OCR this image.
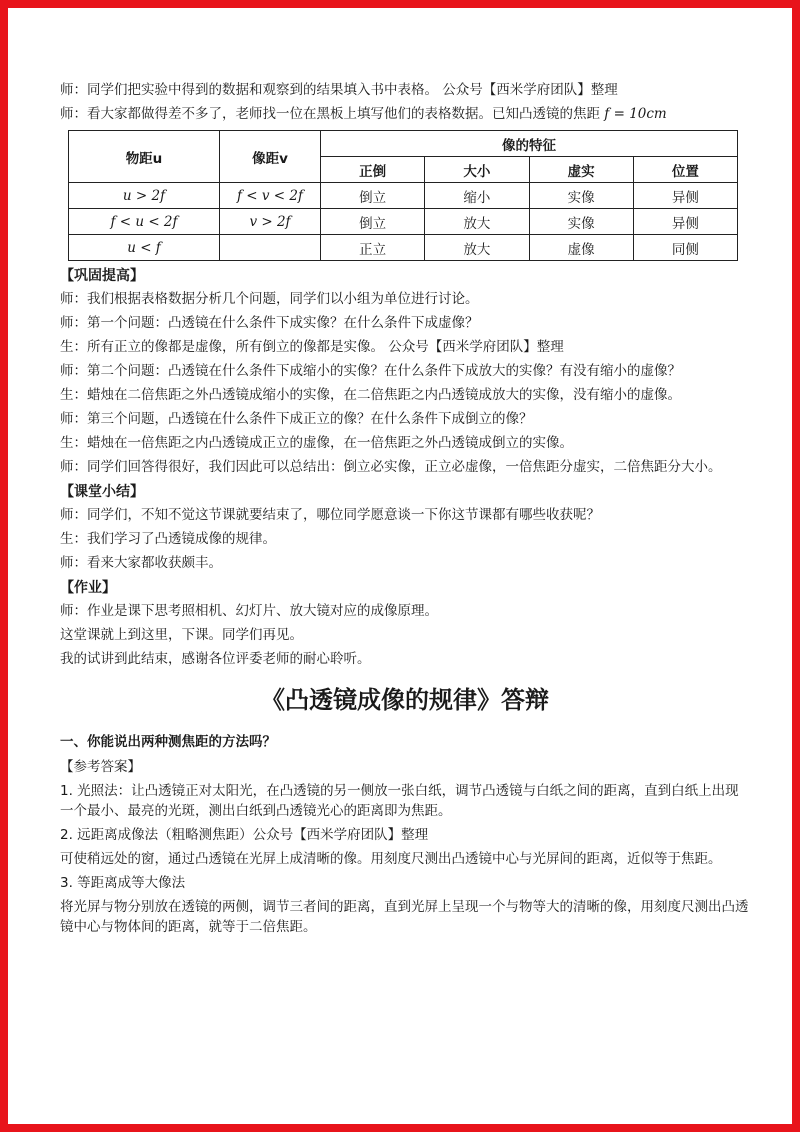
师：同学们把实验中得到的数据和观察到的结果填入书中表格。 公众号【西米学府团队】整理
师：看大家都做得差不多了，老师找一位在黑板上填写他们的表格数据。已知凸透镜的焦距 f = 10cm
物距u	像距v	像的特征			
		正倒	大小	虚实	位置
u > 2f	f < v < 2f	倒立	缩小	实像	异侧
f < u < 2f	v > 2f	倒立	放大	实像	异侧
u < f		正立	放大	虚像	同侧
【巩固提高】
师：我们根据表格数据分析几个问题，同学们以小组为单位进行讨论。
师：第一个问题：凸透镜在什么条件下成实像？在什么条件下成虚像？
生：所有正立的像都是虚像，所有倒立的像都是实像。 公众号【西米学府团队】整理
师：第二个问题：凸透镜在什么条件下成缩小的实像？在什么条件下成放大的实像？有没有缩小的虚像？
生：蜡烛在二倍焦距之外凸透镜成缩小的实像，在二倍焦距之内凸透镜成放大的实像，没有缩小的虚像。
师：第三个问题，凸透镜在什么条件下成正立的像？在什么条件下成倒立的像？
生：蜡烛在一倍焦距之内凸透镜成正立的虚像，在一倍焦距之外凸透镜成倒立的实像。
师：同学们回答得很好，我们因此可以总结出：倒立必实像，正立必虚像，一倍焦距分虚实，二倍焦距分大小。
【课堂小结】
师：同学们，不知不觉这节课就要结束了，哪位同学愿意谈一下你这节课都有哪些收获呢？
生：我们学习了凸透镜成像的规律。
师：看来大家都收获颇丰。
【作业】
师：作业是课下思考照相机、幻灯片、放大镜对应的成像原理。
这堂课就上到这里，下课。同学们再见。
我的试讲到此结束，感谢各位评委老师的耐心聆听。
《凸透镜成像的规律》答辩
一、你能说出两种测焦距的方法吗？
【参考答案】
1. 光照法：让凸透镜正对太阳光，在凸透镜的另一侧放一张白纸，调节凸透镜与白纸之间的距离，直到白纸上出现一个最小、最亮的光斑，测出白纸到凸透镜光心的距离即为焦距。
2. 远距离成像法（粗略测焦距）公众号【西米学府团队】整理
可使稍远处的窗，通过凸透镜在光屏上成清晰的像。用刻度尺测出凸透镜中心与光屏间的距离，近似等于焦距。
3. 等距离成等大像法
将光屏与物分别放在透镜的两侧，调节三者间的距离，直到光屏上呈现一个与物等大的清晰的像，用刻度尺测出凸透镜中心与物体间的距离，就等于二倍焦距。
